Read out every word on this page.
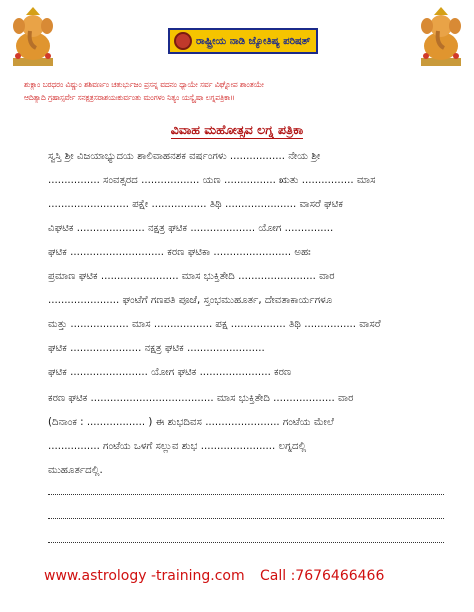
ರಾಷ್ಟ್ರೀಯ ನಾಡಿ ಜ್ಯೋತಿಷ್ಯ ಪರಿಷತ್
ಶುಕ್ಲಾಂ ಬರಧರಂ ವಿಷ್ಣುಂ ಶಶಿವರ್ಣಂ ಚತುರ್ಭುಜಂ ಪ್ರಸನ್ನ ವದನಂ ಧ್ಯಾಯೇ ಸರ್ವ ವಿಘ್ನೋಪ ಶಾಂತಯೇ
ಆದಿತ್ಯಾದಿ ಗ್ರಹಾಸ್ಸರ್ವೇ ಸನಕ್ಷತ್ರಸರಾಶಯಃಕುರ್ವಂತು ಮಂಗಳಂ ನಿತ್ಯಂ ಯಸ್ಯೈಷಾ ಲಗ್ನಪತ್ರಿಕಾ॥
ವಿವಾಹ ಮಹೋತ್ಸವ ಲಗ್ನ ಪತ್ರಿಕಾ
ಸ್ವಸ್ತಿ ಶ್ರೀ ವಿಜಯಾಭ್ಯುದಯ ಶಾಲಿವಾಹನಶಕ ವರ್ಷಂಗಳು ................. ನೇಯ ಶ್ರೀ
................ ಸಂವತ್ಸರದ .................. ಯಣ ................ ಋತು ................ ಮಾಸ
......................... ಪಕ್ಷೇ ................. ತಿಥಿ ...................... ವಾಸರೆ ಘಟಿಕ
ವಿಘಟಿಕ ..................... ನಕ್ಷತ್ರ ಘಟಿಕ .................... ಯೋಗ ...............
ಘಟಿಕ ............................. ಕರಣ ಘಟಿಕಾ ........................ ಅಹಃ
ಪ್ರಮಾಣ ಘಟಿಕ ........................ ಮಾಸ ಭುಕ್ತಿತೇದಿ ........................ ವಾರ
...................... ಘಂಟೆಗೆ ಗಣಪತಿ ಪೂಜೆ, ಸ್ತಂಭಮುಹೂರ್ತ, ದೇವತಾಕಾರ್ಯಗಳೂ
ಮತ್ತು .................. ಮಾಸ .................. ಪಕ್ಷ ................. ತಿಥಿ ................ ವಾಸರೆ
ಘಟಿಕ ...................... ನಕ್ಷತ್ರ ಘಟಿಕ ........................
ಘಟಿಕ ........................ ಯೋಗ ಘಟಿಕ ...................... ಕರಣ
ಕರಣ ಘಟಿಕ ...................................... ಮಾಸ ಭುಕ್ತಿತೇದಿ ................... ವಾರ
(ದಿನಾಂಕ : .................. ) ಈ ಶುಭದಿವಸ ....................... ಗಂಟೆಯ ಮೇಲೆ
................ ಗಂಟೆಯ ಒಳಗೆ ಸಲ್ಲುವ ಶುಭ ....................... ಲಗ್ನದಲ್ಲಿ
ಮುಹೂರ್ತದಲ್ಲಿ.
www.astrology -training.com Call :7676466466
